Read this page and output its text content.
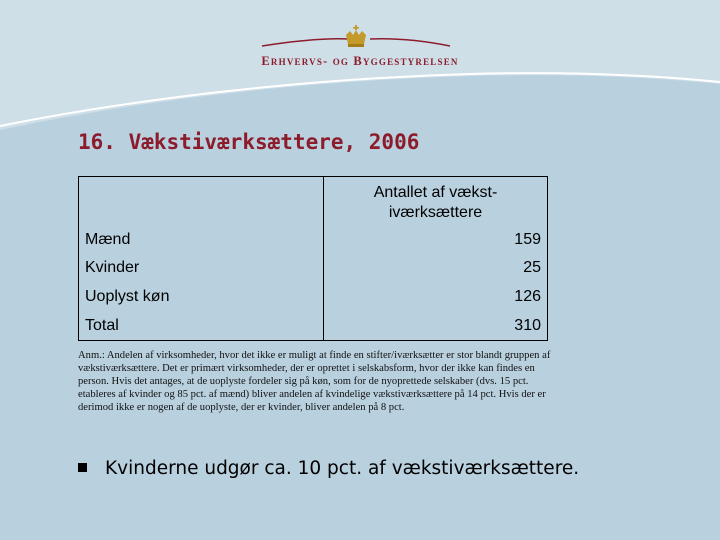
Erhvervs- og Byggestyrelsen
16. Vækstiværksættere, 2006
	Antallet af vækst-
iværksættere
Mænd	159
Kvinder	25
Uoplyst køn	126
Total	310
Anm.: Andelen af virksomheder, hvor det ikke er muligt at finde en stifter/iværksætter er stor blandt gruppen af vækstiværksættere. Det er primært virksomheder, der er oprettet i selskabsform, hvor der ikke kan findes en person. Hvis det antages, at de uoplyste fordeler sig på køn, som for de nyoprettede selskaber (dvs. 15 pct. etableres af kvinder og 85 pct. af mænd) bliver andelen af kvindelige vækstiværksættere på 14 pct. Hvis der er derimod ikke er nogen af de uoplyste, der er kvinder, bliver andelen på 8 pct.
Kvinderne udgør ca. 10 pct. af vækstiværksættere.
